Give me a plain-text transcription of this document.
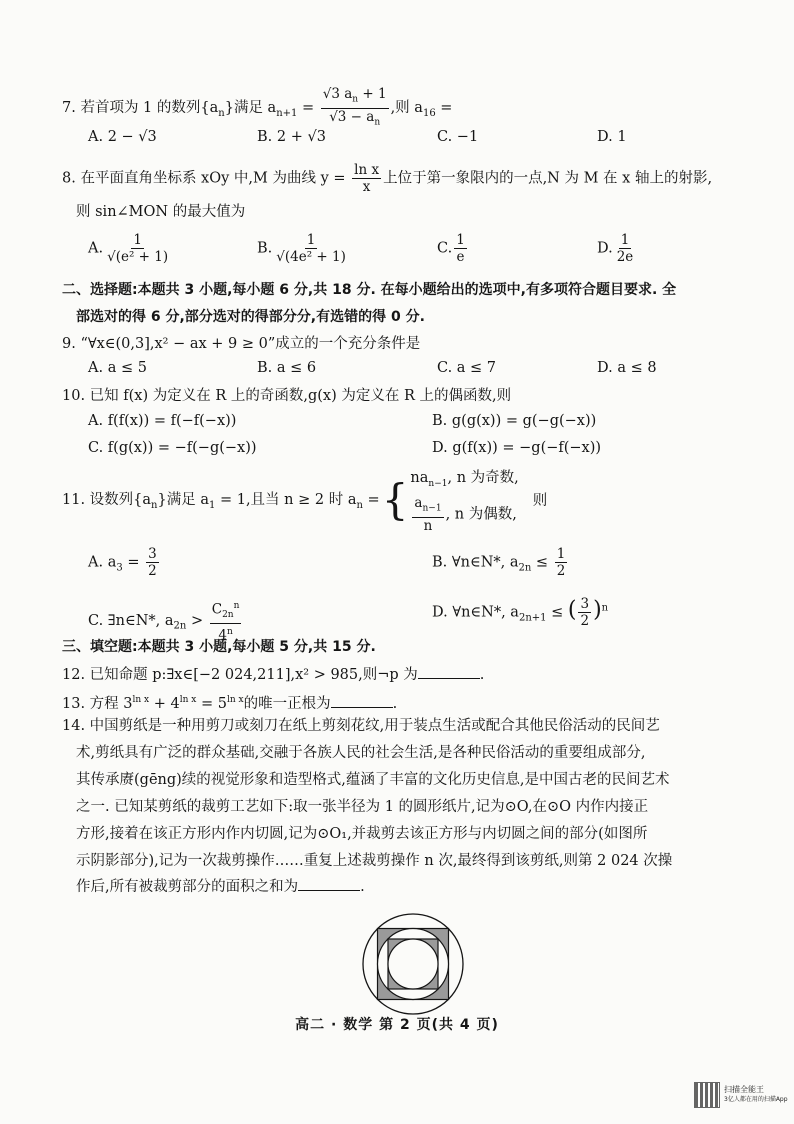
7. 若首项为 1 的数列$\{a_n\}$满足 $a_{n+1} = \frac{√3 a_n + 1}{√3 - a_n}$ ,则 $a_{16}$ =
A. 2 − √3	B. 2 + √3	C. −1	D. 1
8. 在平面直角坐标系 xOy 中,M 为曲线 $y = \frac{\text{ln x}}{x}$ 上位于第一象限内的一点,N 为 M 在 x 轴上的射影,
则 sin∠MON 的最大值为
A. $\frac{1}{\text{√(e² + 1)}}$	B. $\frac{1}{\text{√(4e² + 1)}}$	C. $\frac{1}{e}$	D. $\frac{1}{2e}$
二、选择题:本题共 3 小题,每小题 6 分,共 18 分. 在每小题给出的选项中,有多项符合题目要求. 全
部选对的得 6 分,部分选对的得部分分,有选错的得 0 分.
9. “∀x∈(0,3],x² − ax + 9 ≥ 0”成立的一个充分条件是
A. a ≤ 5	B. a ≤ 6	C. a ≤ 7	D. a ≤ 8
10. 已知 f(x) 为定义在 R 上的奇函数,g(x) 为定义在 R 上的偶函数,则
A. f(f(x)) = f(−f(−x))	B. g(g(x)) = g(−g(−x))
C. f(g(x)) = −f(−g(−x))	D. g(f(x)) = −g(−f(−x))
11. 设数列$\{a_n\}$满足 $a_1 = 1$,且当 n ≥ 2 时 $a_n$ = { $na_{n-1}$, n 为奇数,
$\frac{a_{n-1}}{n}$ , n 为偶数,
则
A. $a_3 = \frac{3}{2}$	B. ∀n∈N*, $a_{2n} \le \frac{1}{2}$
C. ∃n∈N*, $a_{2n} > \frac{C_{2n}^n}{4^n}$	D. ∀n∈N*, $a_{2n+1}$ ≤ ( $\frac{3}{2} )^n$
三、填空题:本题共 3 小题,每小题 5 分,共 15 分.
12. 已知命题 p:∃x∈[−2 024,211],x² > 985,则¬p 为	.
13. 方程 $3^{ln x} + 4^{ln x} = 5^{ln x}$的唯一正根为	.
14. 中国剪纸是一种用剪刀或刻刀在纸上剪刻花纹,用于装点生活或配合其他民俗活动的民间艺
术,剪纸具有广泛的群众基础,交融于各族人民的社会生活,是各种民俗活动的重要组成部分,
其传承赓(gēng)续的视觉形象和造型格式,蕴涵了丰富的文化历史信息,是中国古老的民间艺术
之一. 已知某剪纸的裁剪工艺如下:取一张半径为 1 的圆形纸片,记为⊙O,在⊙O 内作内接正
方形,接着在该正方形内作内切圆,记为⊙O₁,并裁剪去该正方形与内切圆之间的部分(如图所
示阴影部分),记为一次裁剪操作……重复上述裁剪操作 n 次,最终得到该剪纸,则第 2 024 次操
作后,所有被裁剪部分的面积之和为	.
高二 · 数学 第 2 页(共 4 页)
扫描全能王
3亿人都在用的扫描App
